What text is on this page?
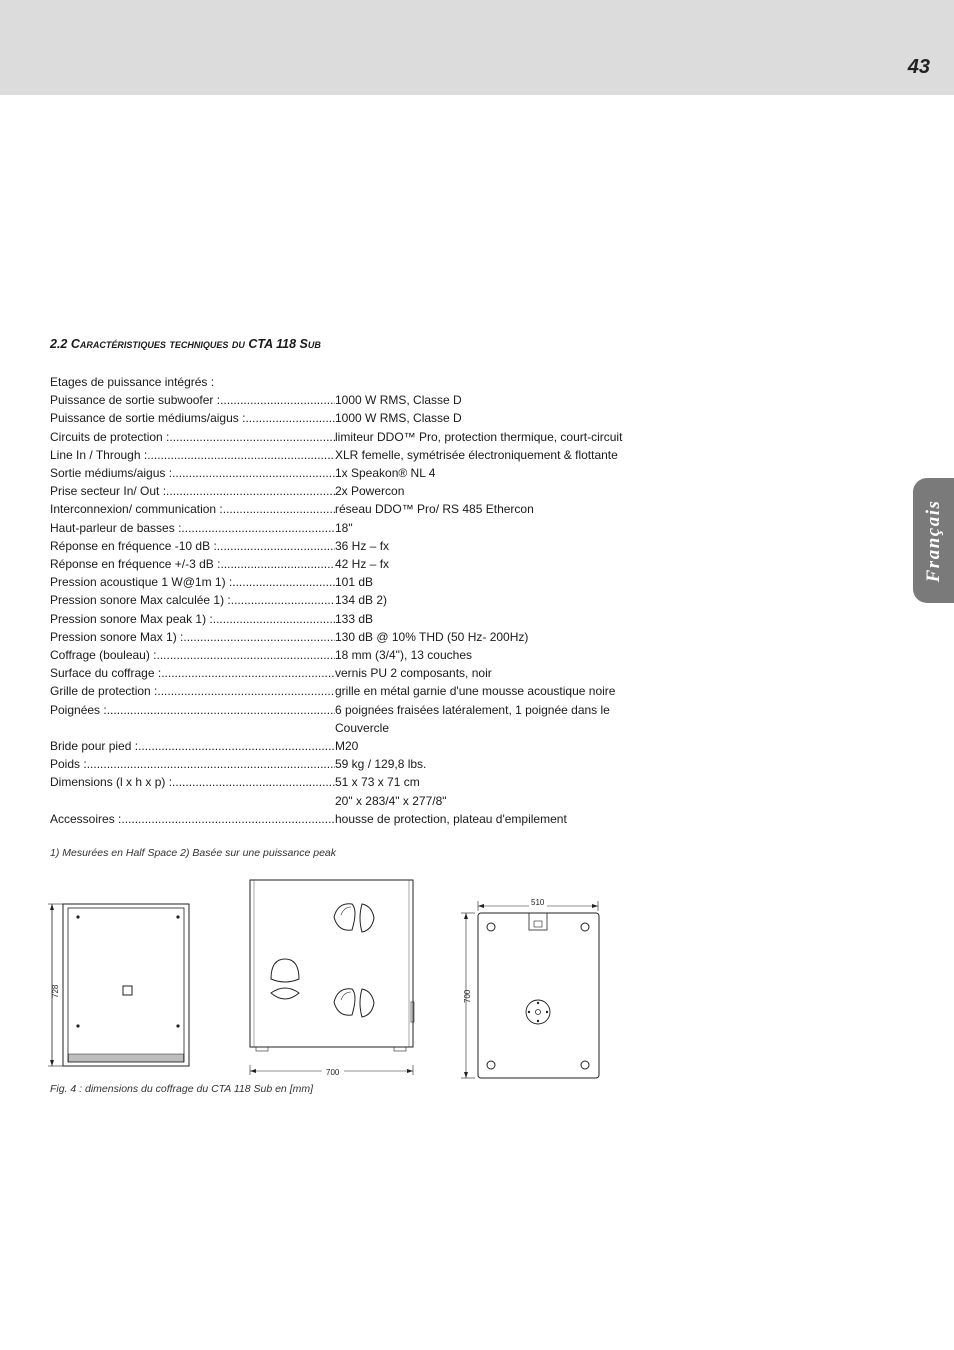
43
Français
2.2 Caractéristiques techniques du CTA 118 Sub
Etages de puissance intégrés :
Puissance de sortie subwoofer : .....	1000 W RMS, Classe D
Puissance de sortie médiums/aigus : .....	1000 W RMS, Classe D
Circuits de protection : .....	limiteur DDO™ Pro, protection thermique, court-circuit
Line In / Through : .....	XLR femelle, symétrisée électroniquement & flottante
Sortie médiums/aigus : .....	1x Speakon® NL 4
Prise secteur In/ Out : .....	2x Powercon
Interconnexion/ communication : .....	réseau DDO™ Pro/ RS 485 Ethercon
Haut-parleur de basses : .....	18"
Réponse en fréquence -10 dB : .....	36 Hz – fx
Réponse en fréquence +/-3 dB : .....	42 Hz – fx
Pression acoustique 1 W@1m 1) : .....	101 dB
Pression sonore Max calculée 1) : .....	134 dB 2)
Pression sonore Max peak 1) : .....	133 dB
Pression sonore Max 1) : .....	130 dB @ 10% THD (50 Hz- 200Hz)
Coffrage (bouleau) : .....	18 mm (3/4"), 13 couches
Surface du coffrage : .....	vernis PU 2 composants, noir
Grille de protection : .....	grille en métal garnie d'une mousse acoustique noire
Poignées : .....	6 poignées fraisées latéralement, 1 poignée dans le
Couvercle
Bride pour pied : .....	M20
Poids : .....	59 kg / 129,8 lbs.
Dimensions (l x h x p) : .....	51 x 73 x 71 cm
20" x 283/4" x 277/8"
Accessoires : .....	housse de protection, plateau d'empilement
1) Mesurées en Half Space 2) Basée sur une puissance peak
728
700
510
700
Fig. 4 : dimensions du coffrage du CTA 118 Sub en [mm]
